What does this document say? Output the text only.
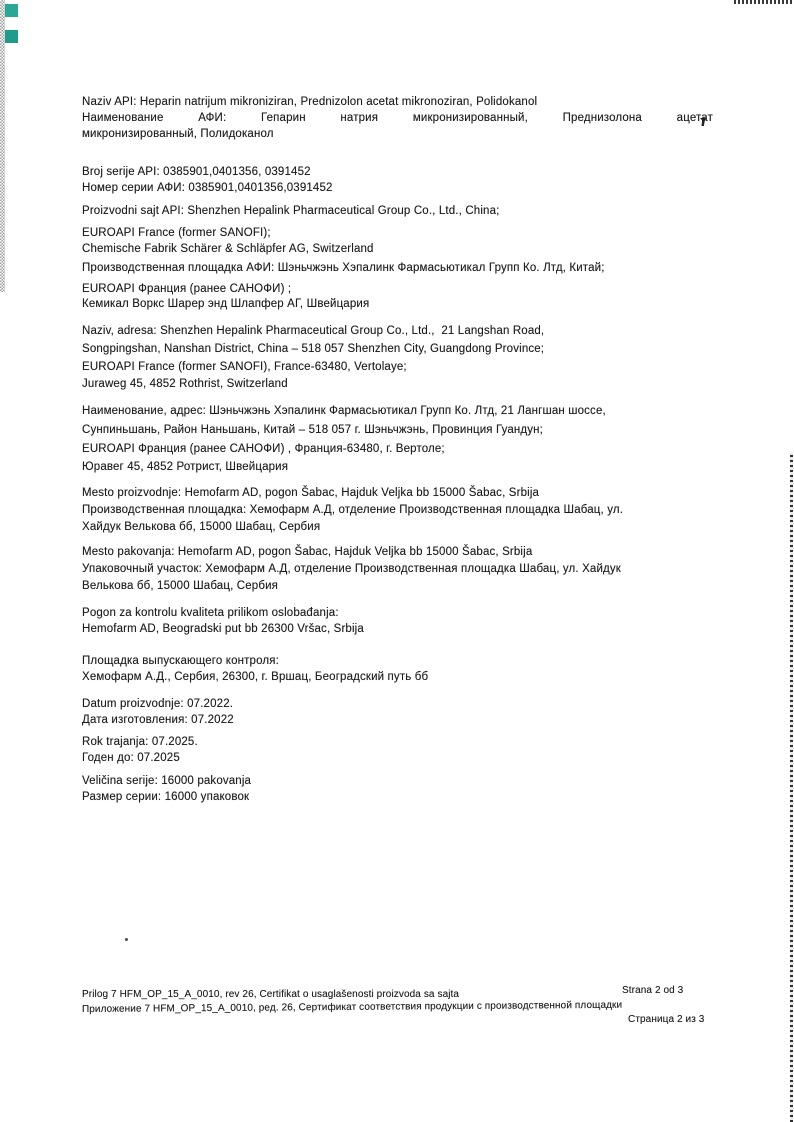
Naziv API: Heparin natrijum mikroniziran, Prednizolon acetat mikronoziran, Polidokanol
Наименование АФИ: Гепарин натрия микронизированный, Преднизолона ацетат
микронизированный, Полидоканол
Broj serije API: 0385901,0401356, 0391452
Номер серии АФИ: 0385901,0401356,0391452
Proizvodni sajt API: Shenzhen Hepalink Pharmaceutical Group Co., Ltd., China;
EUROAPI France (former SANOFI);
Chemische Fabrik Schärer & Schläpfer AG, Switzerland
Производственная площадка АФИ: Шэньчжэнь Хэпалинк Фармасьютикал Групп Ко. Лтд, Китай;
EUROAPI Франция (ранее САНОФИ) ;
Кемикал Воркс Шарер энд Шлапфер АГ, Швейцария
Naziv, adresa: Shenzhen Hepalink Pharmaceutical Group Co., Ltd.,  21 Langshan Road,
Songpingshan, Nanshan District, China – 518 057 Shenzhen City, Guangdong Province;
EUROAPI France (former SANOFI), France-63480, Vertolaye;
Juraweg 45, 4852 Rothrist, Switzerland
Наименование, адрес: Шэньчжэнь Хэпалинк Фармасьютикал Групп Ко. Лтд, 21 Лангшан шоссе,
Сунпиньшань, Район Наньшань, Китай – 518 057 г. Шэньчжэнь, Провинция Гуандун;
EUROAPI Франция (ранее САНОФИ) , Франция-63480, г. Вертоле;
Юравег 45, 4852 Ротрист, Швейцария
Mesto proizvodnje: Hemofarm AD, pogon Šabac, Hajduk Veljka bb 15000 Šabac, Srbija
Производственная площадка: Хемофарм А.Д, отделение Производственная площадка Шабац, ул.
Хайдук Велькова бб, 15000 Шабац, Сербия
Mesto pakovanja: Hemofarm AD, pogon Šabac, Hajduk Veljka bb 15000 Šabac, Srbija
Упаковочный участок: Хемофарм А.Д, отделение Производственная площадка Шабац, ул. Хайдук
Велькова бб, 15000 Шабац, Сербия
Pogon za kontrolu kvaliteta prilikom oslobađanja:
Hemofarm AD, Beogradski put bb 26300 Vršac, Srbija
Площадка выпускающего контроля:
Хемофарм А.Д., Сербия, 26300, г. Вршац, Београдский путь бб
Datum proizvodnje: 07.2022.
Дата изготовления: 07.2022
Rok trajanja: 07.2025.
Годен до: 07.2025
Veličina serije: 16000 pakovanja
Размер серии: 16000 упаковок
Prilog 7 HFM_OP_15_A_0010, rev 26, Certifikat o usaglašenosti proizvoda sa sajta	Strana 2 od 3
Приложение 7 HFM_OP_15_A_0010, ред. 26, Сертификат соответствия продукции с производственной площадки
Страница 2 из 3
